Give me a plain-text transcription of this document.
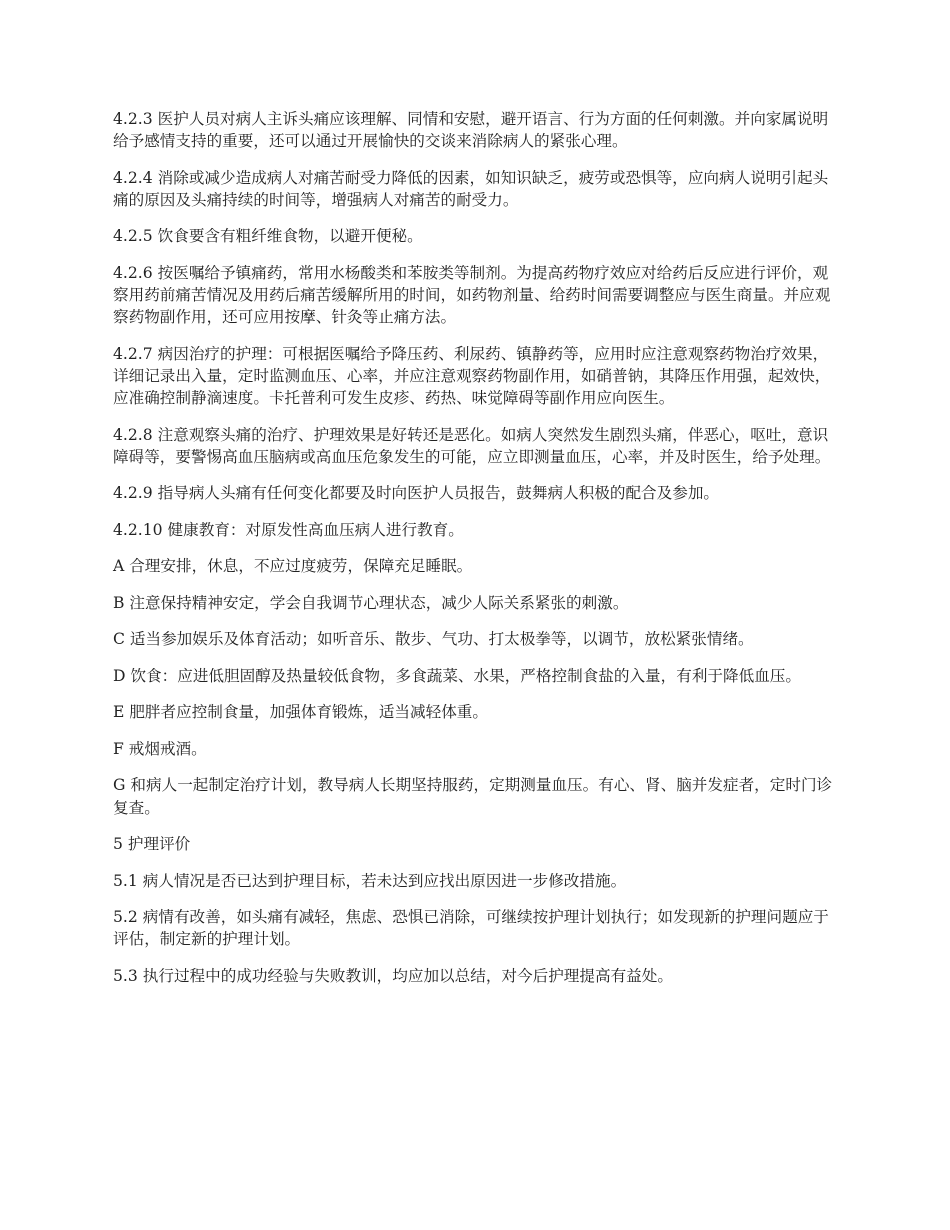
4.2.3 医护人员对病人主诉头痛应该理解、同情和安慰，避开语言、行为方面的任何刺激。并向家属说明给予感情支持的重要，还可以通过开展愉快的交谈来消除病人的紧张心理。

4.2.4 消除或减少造成病人对痛苦耐受力降低的因素，如知识缺乏，疲劳或恐惧等，应向病人说明引起头痛的原因及头痛持续的时间等，增强病人对痛苦的耐受力。

4.2.5 饮食要含有粗纤维食物，以避开便秘。

4.2.6 按医嘱给予镇痛药，常用水杨酸类和苯胺类等制剂。为提高药物疗效应对给药后反应进行评价，观察用药前痛苦情况及用药后痛苦缓解所用的时间，如药物剂量、给药时间需要调整应与医生商量。并应观察药物副作用，还可应用按摩、针灸等止痛方法。

4.2.7 病因治疗的护理：可根据医嘱给予降压药、利尿药、镇静药等，应用时应注意观察药物治疗效果，详细记录出入量，定时监测血压、心率，并应注意观察药物副作用，如硝普钠，其降压作用强，起效快，应准确控制静滴速度。卡托普利可发生皮疹、药热、味觉障碍等副作用应向医生。

4.2.8 注意观察头痛的治疗、护理效果是好转还是恶化。如病人突然发生剧烈头痛，伴恶心，呕吐，意识障碍等，要警惕高血压脑病或高血压危象发生的可能，应立即测量血压，心率，并及时医生，给予处理。

4.2.9 指导病人头痛有任何变化都要及时向医护人员报告，鼓舞病人积极的配合及参加。

4.2.10 健康教育：对原发性高血压病人进行教育。

A 合理安排，休息，不应过度疲劳，保障充足睡眠。

B 注意保持精神安定，学会自我调节心理状态，减少人际关系紧张的刺激。

C 适当参加娱乐及体育活动；如听音乐、散步、气功、打太极拳等，以调节，放松紧张情绪。

D 饮食：应进低胆固醇及热量较低食物，多食蔬菜、水果，严格控制食盐的入量，有利于降低血压。

E 肥胖者应控制食量，加强体育锻炼，适当减轻体重。

F 戒烟戒酒。

G 和病人一起制定治疗计划，教导病人长期坚持服药，定期测量血压。有心、肾、脑并发症者，定时门诊复查。

5 护理评价

5.1 病人情况是否已达到护理目标，若未达到应找出原因进一步修改措施。

5.2 病情有改善，如头痛有减轻，焦虑、恐惧已消除，可继续按护理计划执行；如发现新的护理问题应于评估，制定新的护理计划。

5.3 执行过程中的成功经验与失败教训，均应加以总结，对今后护理提高有益处。
